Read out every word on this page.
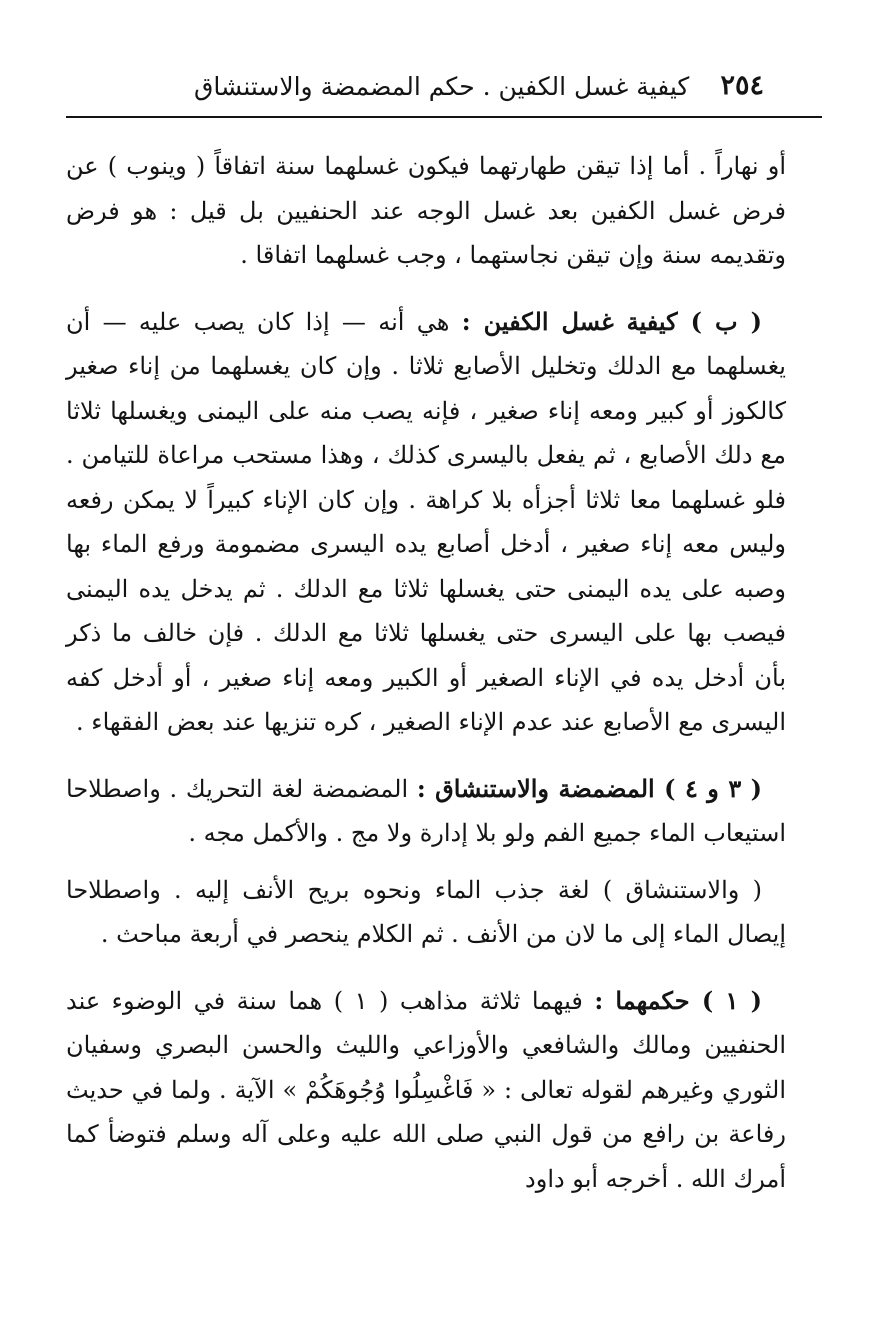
٢٥٤
كيفية غسل الكفين . حكم المضمضة والاستنشاق

أو نهاراً . أما إذا تيقن طهارتهما فيكون غسلهما سنة اتفاقاً ( وينوب ) عن فرض غسل الكفين بعد غسل الوجه عند الحنفيين بل قيل : هو فرض وتقديمه سنة وإن تيقن نجاستهما ، وجب غسلهما اتفاقا .

( ب ) كيفية غسل الكفين : هي أنه — إذا كان يصب عليه — أن يغسلهما مع الدلك وتخليل الأصابع ثلاثا . وإن كان يغسلهما من إناء صغير كالكوز أو كبير ومعه إناء صغير ، فإنه يصب منه على اليمنى ويغسلها ثلاثا مع دلك الأصابع ، ثم يفعل باليسرى كذلك ، وهذا مستحب مراعاة للتيامن . فلو غسلهما معا ثلاثا أجزأه بلا كراهة . وإن كان الإناء كبيراً لا يمكن رفعه وليس معه إناء صغير ، أدخل أصابع يده اليسرى مضمومة ورفع الماء بها وصبه على يده اليمنى حتى يغسلها ثلاثا مع الدلك . ثم يدخل يده اليمنى فيصب بها على اليسرى حتى يغسلها ثلاثا مع الدلك . فإن خالف ما ذكر بأن أدخل يده في الإناء الصغير أو الكبير ومعه إناء صغير ، أو أدخل كفه اليسرى مع الأصابع عند عدم الإناء الصغير ، كره تنزيها عند بعض الفقهاء .

( ٣ و ٤ ) المضمضة والاستنشاق : المضمضة لغة التحريك . واصطلاحا استيعاب الماء جميع الفم ولو بلا إدارة ولا مج . والأكمل مجه .

( والاستنشاق ) لغة جذب الماء ونحوه بريح الأنف إليه . واصطلاحا إيصال الماء إلى ما لان من الأنف . ثم الكلام ينحصر في أربعة مباحث .

( ١ ) حكمهما : فيهما ثلاثة مذاهب ( ١ ) هما سنة في الوضوء عند الحنفيين ومالك والشافعي والأوزاعي والليث والحسن البصري وسفيان الثوري وغيرهم لقوله تعالى : « فَاغْسِلُوا وُجُوهَكُمْ » الآية . ولما في حديث رفاعة بن رافع من قول النبي صلى الله عليه وعلى آله وسلم فتوضأ كما أمرك الله . أخرجه أبو داود
